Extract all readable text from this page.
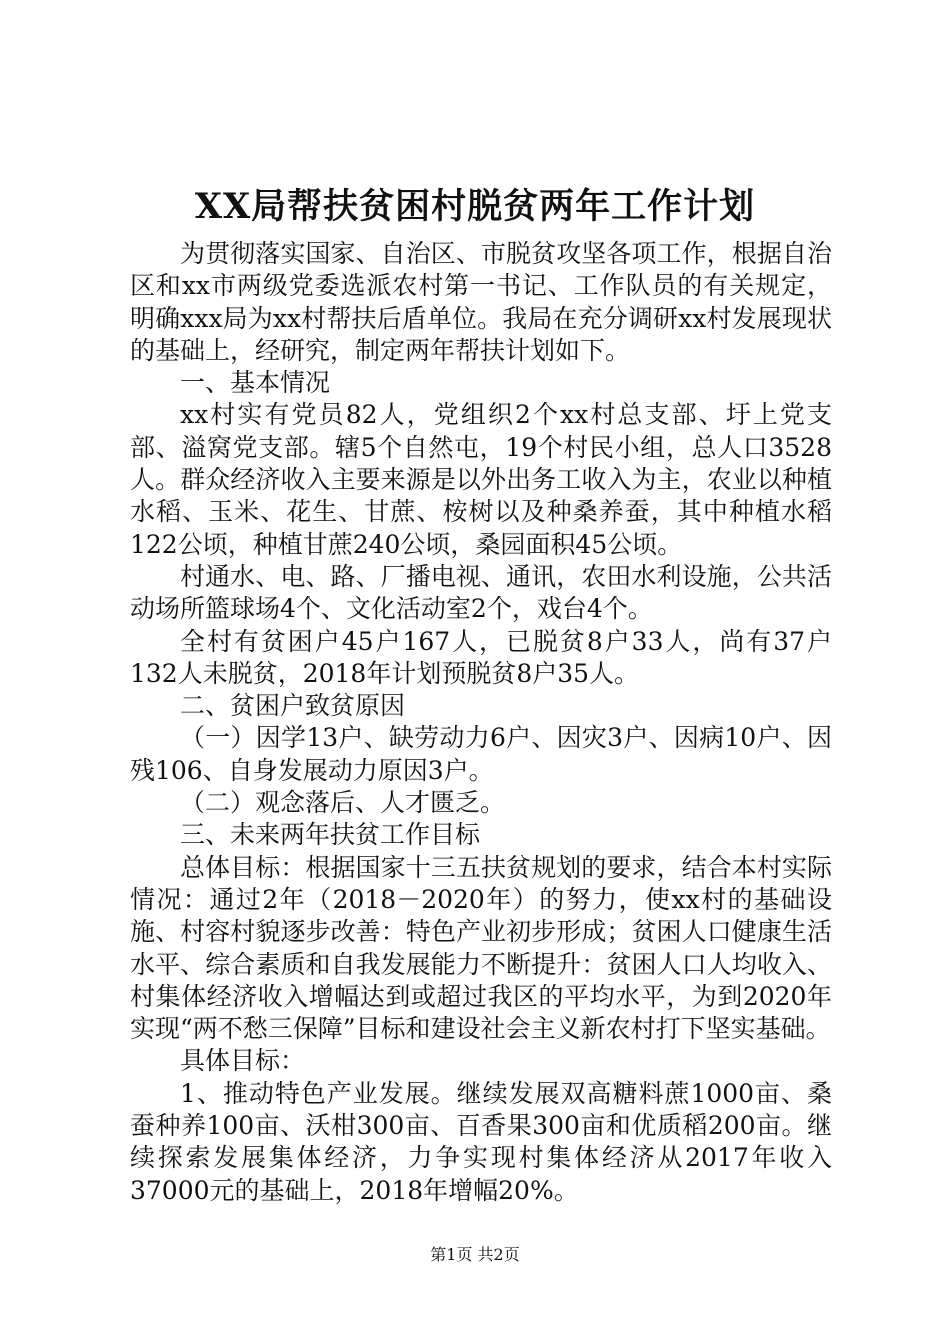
XX局帮扶贫困村脱贫两年工作计划

为贯彻落实国家、自治区、市脱贫攻坚各项工作，根据自治区和xx市两级党委选派农村第一书记、工作队员的有关规定，明确xxx局为xx村帮扶后盾单位。我局在充分调研xx村发展现状的基础上，经研究，制定两年帮扶计划如下。

一、基本情况

xx村实有党员82人，党组织2个xx村总支部、圩上党支部、溢窝党支部。辖5个自然屯，19个村民小组，总人口3528人。群众经济收入主要来源是以外出务工收入为主，农业以种植水稻、玉米、花生、甘蔗、桉树以及种桑养蚕，其中种植水稻122公顷，种植甘蔗240公顷，桑园面积45公顷。

村通水、电、路、厂播电视、通讯，农田水利设施，公共活动场所篮球场4个、文化活动室2个，戏台4个。

全村有贫困户45户167人，已脱贫8户33人，尚有37户132人未脱贫，2018年计划预脱贫8户35人。

二、贫困户致贫原因

（一）因学13户、缺劳动力6户、因灾3户、因病10户、因残106、自身发展动力原因3户。

（二）观念落后、人才匮乏。

三、未来两年扶贫工作目标

总体目标：根据国家十三五扶贫规划的要求，结合本村实际情况：通过2年（2018－2020年）的努力，使xx村的基础设施、村容村貌逐步改善：特色产业初步形成；贫困人口健康生活水平、综合素质和自我发展能力不断提升：贫困人口人均收入、村集体经济收入增幅达到或超过我区的平均水平，为到2020年实现“两不愁三保障”目标和建设社会主义新农村打下坚实基础。

具体目标：

1、推动特色产业发展。继续发展双高糖料蔗1000亩、桑蚕种养100亩、沃柑300亩、百香果300亩和优质稻200亩。继续探索发展集体经济，力争实现村集体经济从2017年收入37000元的基础上，2018年增幅20%。

第1页 共2页
